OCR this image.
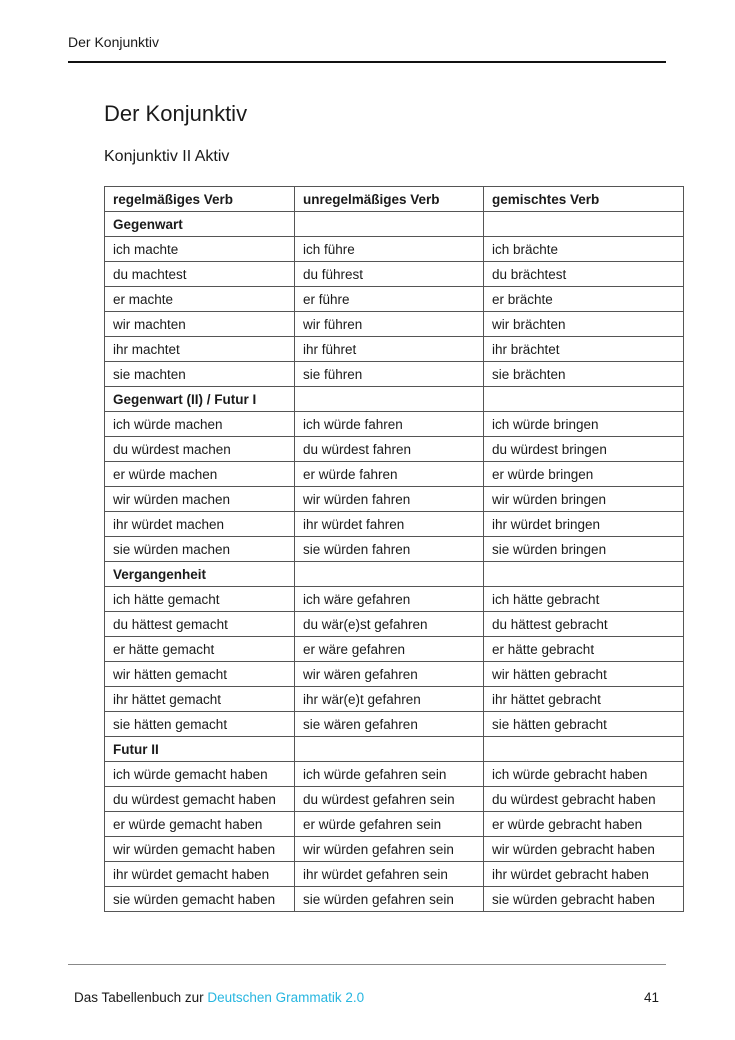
Der Konjunktiv
Der Konjunktiv
Konjunktiv II Aktiv
regelmäßiges Verb	unregelmäßiges Verb	gemischtes Verb
Gegenwart		
ich machte	ich führe	ich brächte
du machtest	du führest	du brächtest
er machte	er führe	er brächte
wir machten	wir führen	wir brächten
ihr machtet	ihr führet	ihr brächtet
sie machten	sie führen	sie brächten
Gegenwart (II) / Futur I		
ich würde machen	ich würde fahren	ich würde bringen
du würdest machen	du würdest fahren	du würdest bringen
er würde machen	er würde fahren	er würde bringen
wir würden machen	wir würden fahren	wir würden bringen
ihr würdet machen	ihr würdet fahren	ihr würdet bringen
sie würden machen	sie würden fahren	sie würden bringen
Vergangenheit		
ich hätte gemacht	ich wäre gefahren	ich hätte gebracht
du hättest gemacht	du wär(e)st gefahren	du hättest gebracht
er hätte gemacht	er wäre gefahren	er hätte gebracht
wir hätten gemacht	wir wären gefahren	wir hätten gebracht
ihr hättet gemacht	ihr wär(e)t gefahren	ihr hättet gebracht
sie hätten gemacht	sie wären gefahren	sie hätten gebracht
Futur II		
ich würde gemacht haben	ich würde gefahren sein	ich würde gebracht haben
du würdest gemacht haben	du würdest gefahren sein	du würdest gebracht haben
er würde gemacht haben	er würde gefahren sein	er würde gebracht haben
wir würden gemacht haben	wir würden gefahren sein	wir würden gebracht haben
ihr würdet gemacht haben	ihr würdet gefahren sein	ihr würdet gebracht haben
sie würden gemacht haben	sie würden gefahren sein	sie würden gebracht haben
Das Tabellenbuch zur Deutschen Grammatik 2.0	41
